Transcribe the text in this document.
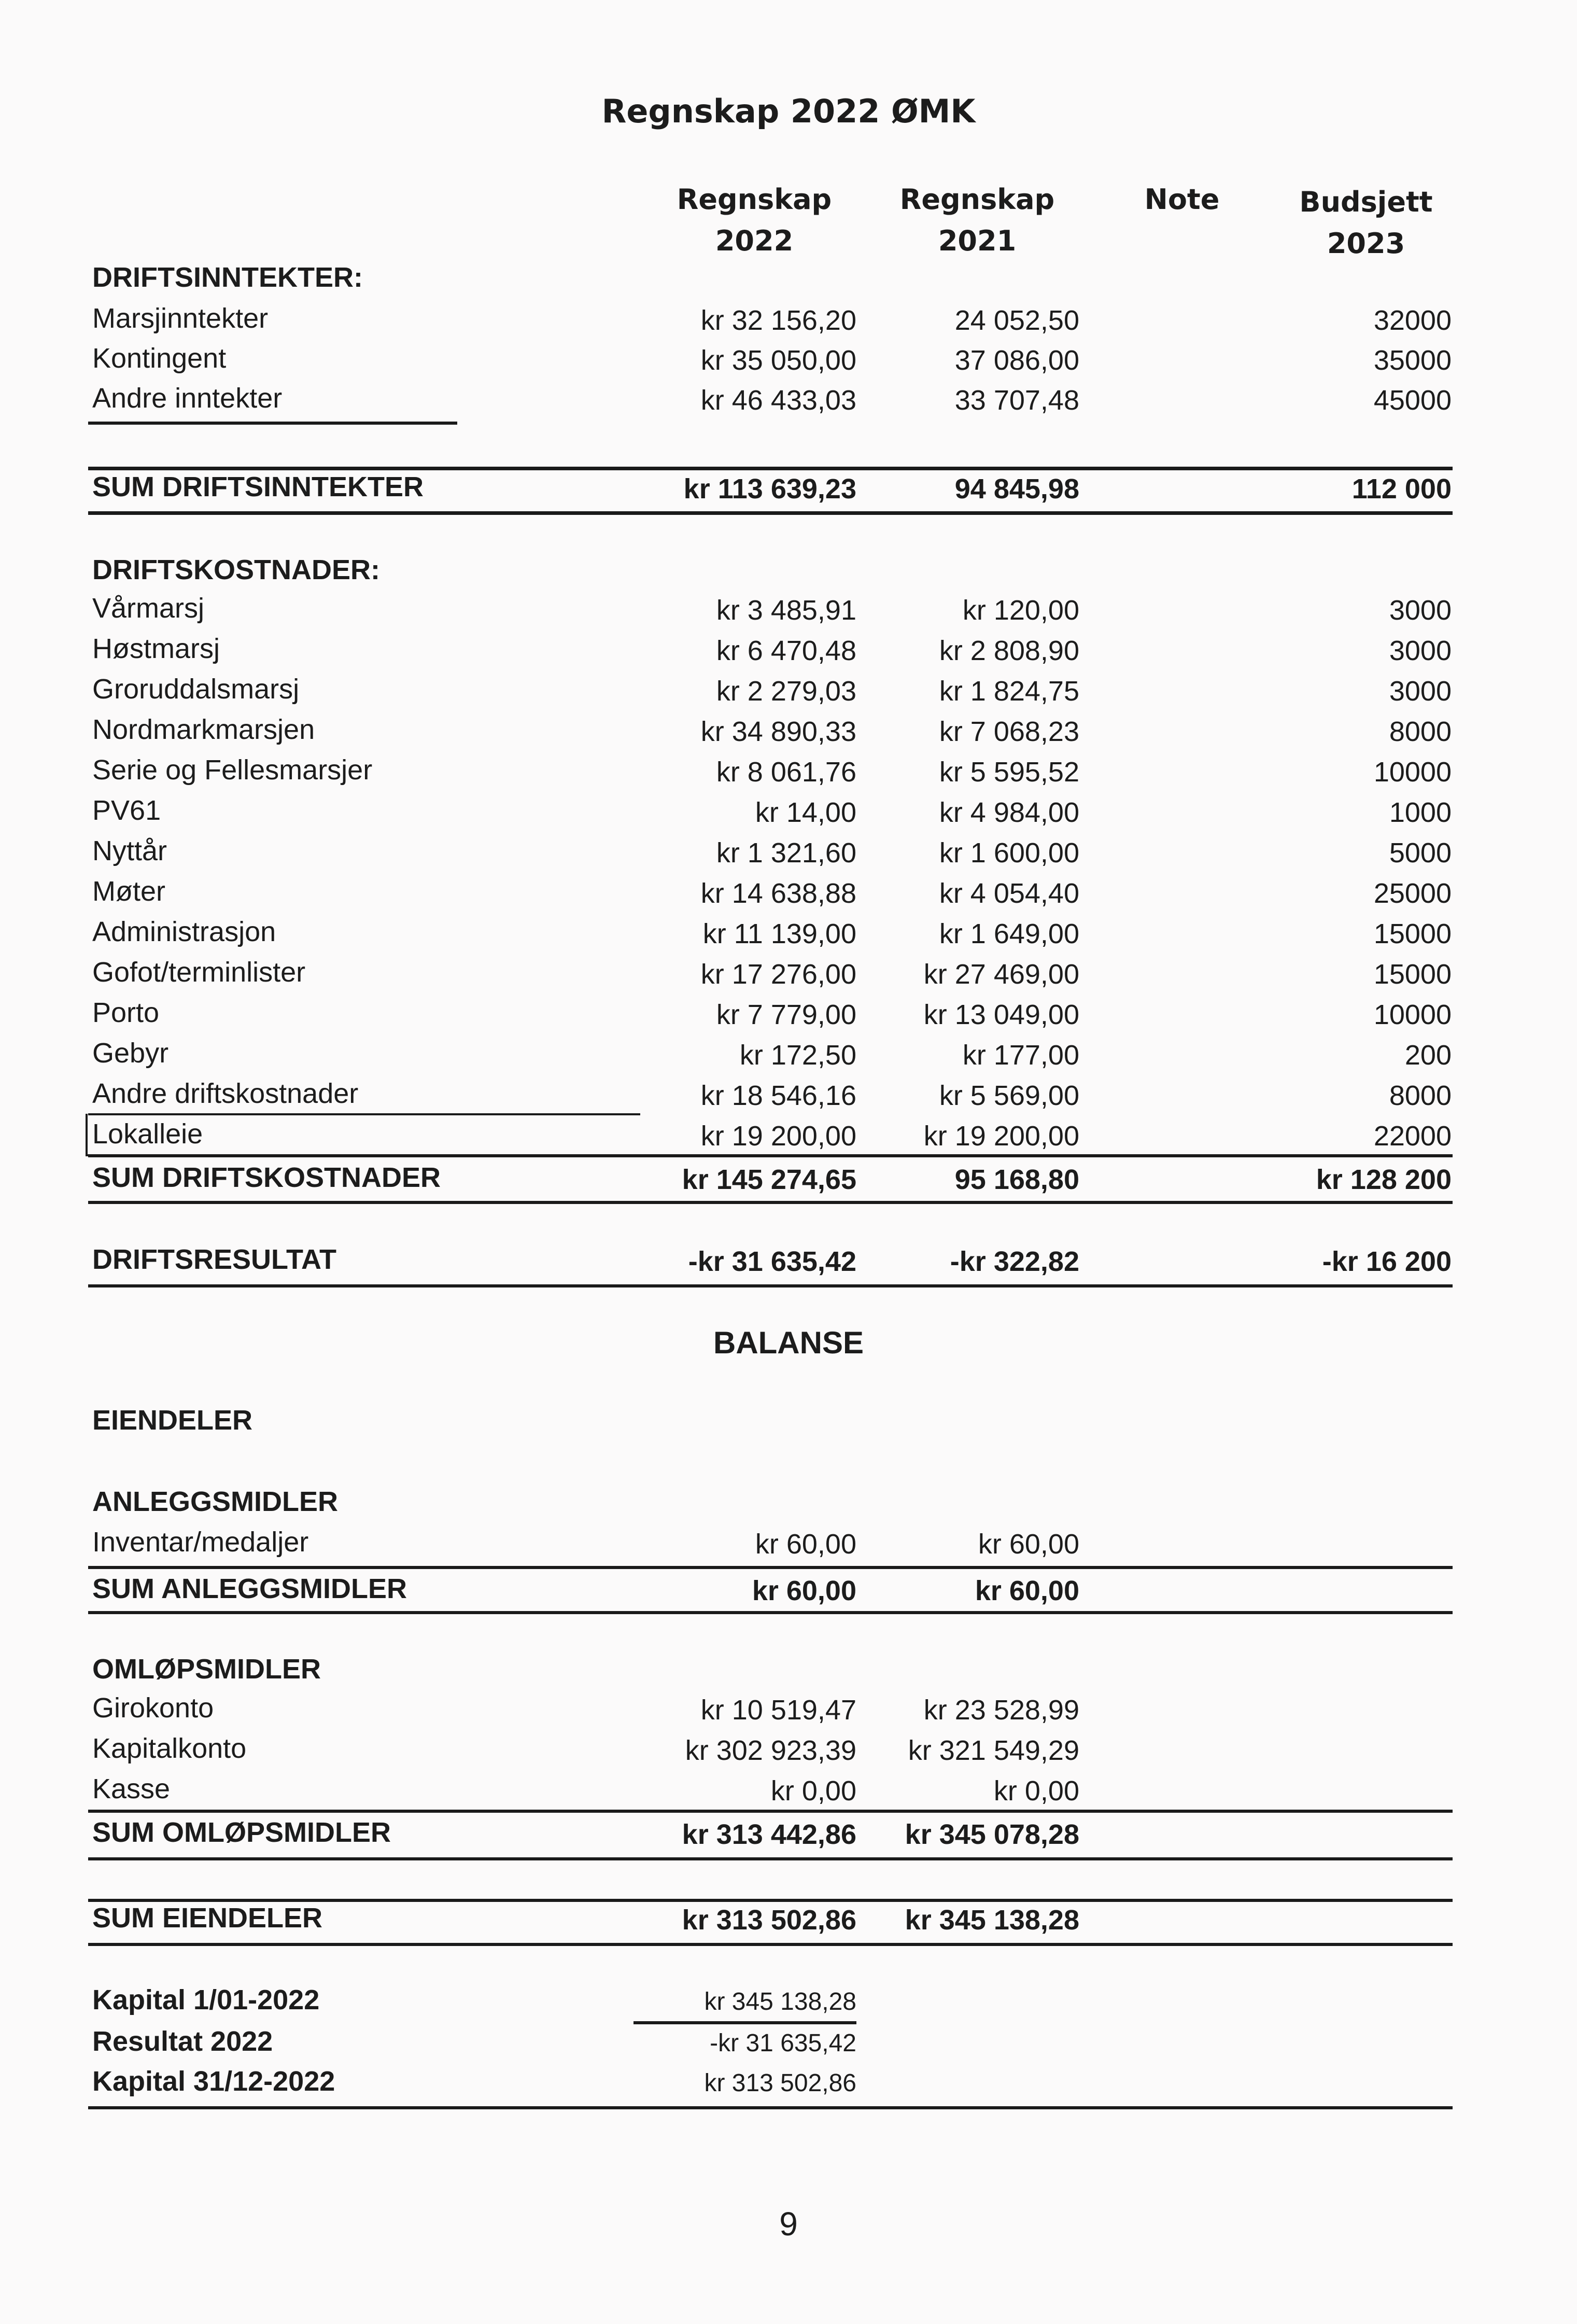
Regnskap 2022 ØMK
Regnskap
2022
Regnskap
2021
Note	Budsjett
2023
DRIFTSINNTEKTER:
Marsjinntekter	kr 32 156,20	24 052,50	32000
Kontingent	kr 35 050,00	37 086,00	35000
Andre inntekter	kr 46 433,03	33 707,48	45000
SUM DRIFTSINNTEKTER	kr 113 639,23	94 845,98	112 000
DRIFTSKOSTNADER:
Vårmarsj	kr 3 485,91	kr 120,00	3000
Høstmarsj	kr 6 470,48	kr 2 808,90	3000
Groruddalsmarsj	kr 2 279,03	kr 1 824,75	3000
Nordmarkmarsjen	kr 34 890,33	kr 7 068,23	8000
Serie og Fellesmarsjer	kr 8 061,76	kr 5 595,52	10000
PV61	kr 14,00	kr 4 984,00	1000
Nyttår	kr 1 321,60	kr 1 600,00	5000
Møter	kr 14 638,88	kr 4 054,40	25000
Administrasjon	kr 11 139,00	kr 1 649,00	15000
Gofot/terminlister	kr 17 276,00 kr 27 469,00	15000
Porto	kr 7 779,00 kr 13 049,00	10000
Gebyr	kr 172,50	kr 177,00	200
Andre driftskostnader	kr 18 546,16	kr 5 569,00	8000
Lokalleie	kr 19 200,00 kr 19 200,00	22000
SUM DRIFTSKOSTNADER	kr 145 274,65	95 168,80	kr 128 200
DRIFTSRESULTAT	-kr 31 635,42	-kr 322,82	-kr 16 200
BALANSE
EIENDELER
ANLEGGSMIDLER
Inventar/medaljer	kr 60,00	kr 60,00
SUM ANLEGGSMIDLER	kr 60,00	kr 60,00
OMLØPSMIDLER
Girokonto	kr 10 519,47 kr 23 528,99
Kapitalkonto	kr 302 923,39 kr 321 549,29
Kasse	kr 0,00	kr 0,00
SUM OMLØPSMIDLER	kr 313 442,86 kr 345 078,28
SUM EIENDELER	kr 313 502,86 kr 345 138,28
Kapital 1/01-2022	kr 345 138,28
Resultat 2022	-kr 31 635,42
Kapital 31/12-2022	kr 313 502,86
9
